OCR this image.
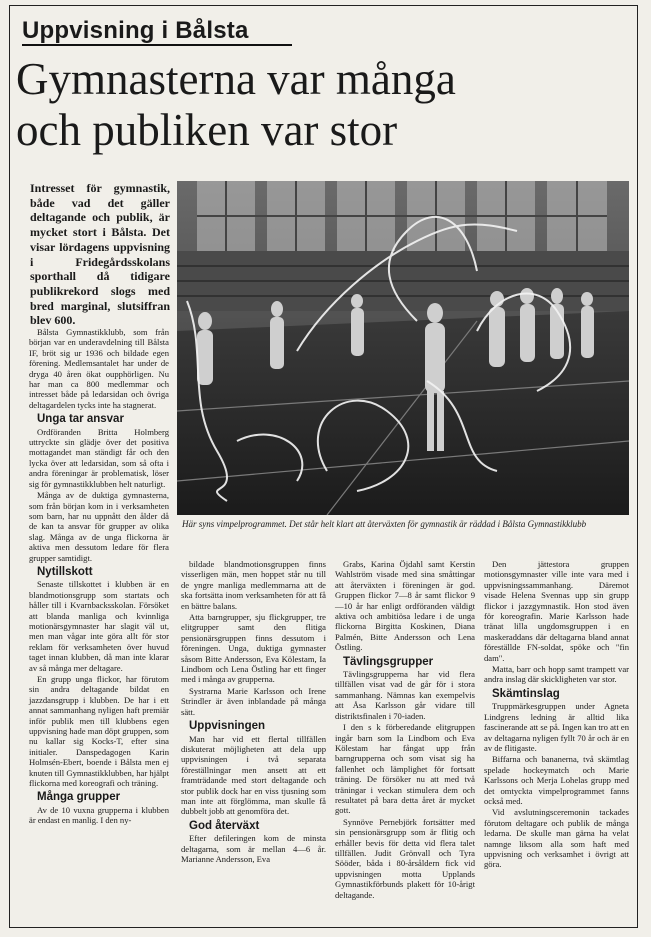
Uppvisning i Bålsta
Gymnasterna var många
och publiken var stor
Intresset för gymnastik, både vad det gäller deltagande och publik, är mycket stort i Bålsta. Det visar lördagens uppvisning i Fridegårdsskolans sporthall då tidigare publikrekord slogs med bred marginal, slutsiffran blev 600.
Här syns vimpelprogrammet. Det står helt klart att återväxten för gymnastik är räddad i Bålsta Gymnastikklubb

Bålsta Gymnastikklubb, som från början var en underavdelning till Bålsta IF, bröt sig ur 1936 och bildade egen förening. Medlemsantalet har under de dryga 40 åren ökat oupphörligen. Nu har man ca 800 medlemmar och intresset både på ledarsidan och övriga deltagardelen tycks inte ha stagnerat.

Unga tar ansvar

Ordföranden Britta Holmberg uttryckte sin glädje över det positiva mottagandet man ständigt får och den lycka över att ledarsidan, som så ofta i andra föreningar är problematisk, löser sig för gymnastikklubben helt naturligt.

Många av de duktiga gymnasterna, som från början kom in i verksamheten som barn, har nu uppnått den ålder då de kan ta ansvar för grupper av olika slag. Många av de unga flickorna är aktiva men dessutom ledare för flera grupper samtidigt.

Nytillskott

Senaste tillskottet i klubben är en blandmotionsgrupp som startats och håller till i Kvarnbacksskolan. Försöket att blanda manliga och kvinnliga motionärsgymnaster har slagit väl ut, men man vågar inte göra allt för stor reklam för verksamheten över huvud taget innan klubben, då man inte klarar av så många mer deltagare.

En grupp unga flickor, har förutom sin andra deltagande bildat en jazzdansgrupp i klubben. De har i ett annat sammanhang nyligen haft premiär inför publik men till klubbens egen uppvisning hade man döpt gruppen, som nu kallar sig Kocks-T, efter sina initialer. Danspedagogen Karin Holmsén-Ebert, boende i Bålsta men ej knuten till Gymnastikklubben, har hjälpt flickorna med koreografi och träning.

Många grupper

Av de 10 vuxna grupperna i klubben är endast en manlig. I den ny-

bildade blandmotionsgruppen finns visserligen män, men hoppet står nu till de yngre manliga medlemmarna att de ska fortsätta inom verksamheten för att få en bättre balans.

Atta barngrupper, sju flickgrupper, tre elitgrupper samt den flitiga pensionärsgruppen finns dessutom i föreningen. Unga, duktiga gymnaster såsom Bitte Andersson, Eva Kölestam, Ia Lindbom och Lena Östling har ett finger med i många av grupperna.

Systrarna Marie Karlsson och Irene Strindler är även inblandade på många sätt.

Uppvisningen

Man har vid ett flertal tillfällen diskuterat möjligheten att dela upp uppvisningen i två separata föreställningar men ansett att ett framträdande med stort deltagande och stor publik dock har en viss tjusning som man inte att förglömma, man skulle få dubbelt jobb att genomföra det.

God återväxt

Efter defileringen kom de minsta deltagarna, som är mellan 4—6 år. Marianne Andersson, Eva

Grabs, Karina Öjdahl samt Kerstin Wahlström visade med sina småttingar att återväxten i föreningen är god. Gruppen flickor 7—8 år samt flickor 9—10 år har enligt ordföranden väldigt aktiva och ambitiösa ledare i de unga flickorna Birgitta Koskinen, Diana Palmén, Bitte Andersson och Lena Östling.

Tävlingsgrupper

Tävlingsgrupperna har vid flera tillfällen visat vad de går för i stora sammanhang. Nämnas kan exempelvis att Åsa Karlsson går vidare till distriktsfinalen i 70-iaden.

I den s k förberedande elitgruppen ingår barn som Ia Lindbom och Eva Kölestam har fångat upp från barngrupperna och som visat sig ha fallenhet och lämplighet för fortsatt träning. De försöker nu att med två träningar i veckan stimulera dem och resultatet på bara detta året är mycket gott.

Synnöve Pernebjörk fortsätter med sin pensionärsgrupp som är flitig och erhåller bevis för detta vid flera talet tillfällen. Judit Grönvall och Tyra Sööder, båda i 80-årsåldern fick vid uppvisningen motta Upplands Gymnastikförbunds plakett för 10-årigt deltagande.

Den jättestora gruppen motionsgymnaster ville inte vara med i uppvisningssammanhang. Däremot visade Helena Svennas upp sin grupp flickor i jazzgymnastik. Hon stod även för koreografin. Marie Karlsson hade tränat lilla ungdomsgruppen i en maskeraddans där deltagarna bland annat föreställde FN-soldat, spöke och "fin dam".

Matta, barr och hopp samt trampett var andra inslag där skickligheten var stor.

Skämtinslag

Truppmärkesgruppen under Agneta Lindgrens ledning är alltid lika fascinerande att se på. Ingen kan tro att en av deltagarna nyligen fyllt 70 år och är en av de flitigaste.

Biffarna och bananerna, två skämtlag spelade hockeymatch och Marie Karlssons och Merja Lohelas grupp med det omtyckta vimpelprogrammet fanns också med.

Vid avslutningsceremonin tackades förutom deltagare och publik de många ledarna. De skulle man gärna ha velat namnge liksom alla som haft med uppvisning och verksamhet i övrigt att göra.
